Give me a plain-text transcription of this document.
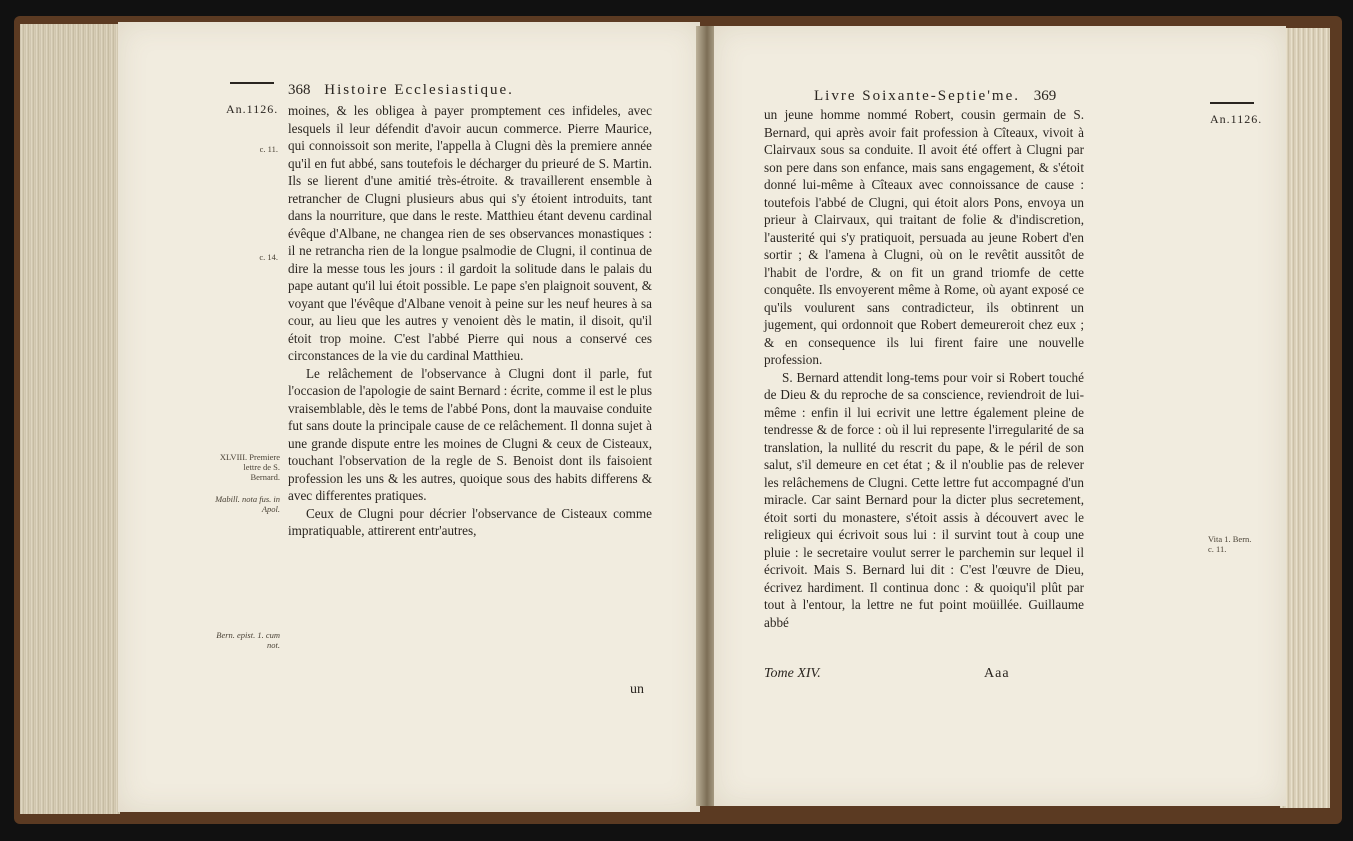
368 Histoire Ecclesiastique.
An.1126.
c. 11.
c. 14.
XLVIII. Premiere lettre de S. Bernard.
Mabill. nota fus. in Apol.
Bern. epist. 1. cum not.

moines, & les obligea à payer promptement ces infideles, avec lesquels il leur défendit d'avoir aucun commerce. Pierre Maurice, qui connoissoit son merite, l'appella à Clugni dès la premiere année qu'il en fut abbé, sans toutefois le décharger du prieuré de S. Martin. Ils se lierent d'une amitié très-étroite. & travaillerent ensemble à retrancher de Clugni plusieurs abus qui s'y étoient introduits, tant dans la nourriture, que dans le reste. Matthieu étant devenu cardinal évêque d'Albane, ne changea rien de ses observances monastiques : il ne retrancha rien de la longue psalmodie de Clugni, il continua de dire la messe tous les jours : il gardoit la solitude dans le palais du pape autant qu'il lui étoit possible. Le pape s'en plaignoit souvent, & voyant que l'évêque d'Albane venoit à peine sur les neuf heures à sa cour, au lieu que les autres y venoient dès le matin, il disoit, qu'il étoit trop moine. C'est l'abbé Pierre qui nous a conservé ces circonstances de la vie du cardinal Matthieu.

Le relâchement de l'observance à Clugni dont il parle, fut l'occasion de l'apologie de saint Bernard : écrite, comme il est le plus vraisemblable, dès le tems de l'abbé Pons, dont la mauvaise conduite fut sans doute la principale cause de ce relâchement. Il donna sujet à une grande dispute entre les moines de Clugni & ceux de Cisteaux, touchant l'observation de la regle de S. Benoist dont ils faisoient profession les uns & les autres, quoique sous des habits differens & avec differentes pratiques.

Ceux de Clugni pour décrier l'observance de Cisteaux comme impratiquable, attirerent entr'autres,

un
Livre Soixante-Septie'me. 369
An.1126.
Vita 1. Bern. c. 11.

un jeune homme nommé Robert, cousin germain de S. Bernard, qui après avoir fait profession à Cîteaux, vivoit à Clairvaux sous sa conduite. Il avoit été offert à Clugni par son pere dans son enfance, mais sans engagement, & s'étoit donné lui-même à Cîteaux avec connoissance de cause : toutefois l'abbé de Clugni, qui étoit alors Pons, envoya un prieur à Clairvaux, qui traitant de folie & d'indiscretion, l'austerité qui s'y pratiquoit, persuada au jeune Robert d'en sortir ; & l'amena à Clugni, où on le revêtit aussitôt de l'habit de l'ordre, & on fit un grand triomfe de cette conquête. Ils envoyerent même à Rome, où ayant exposé ce qu'ils voulurent sans contradicteur, ils obtinrent un jugement, qui ordonnoit que Robert demeureroit chez eux ; & en consequence ils lui firent faire une nouvelle profession.

S. Bernard attendit long-tems pour voir si Robert touché de Dieu & du reproche de sa conscience, reviendroit de lui-même : enfin il lui ecrivit une lettre également pleine de tendresse & de force : où il lui represente l'irregularité de sa translation, la nullité du rescrit du pape, & le péril de son salut, s'il demeure en cet état ; & il n'oublie pas de relever les relâchemens de Clugni. Cette lettre fut accompagné d'un miracle. Car saint Bernard pour la dicter plus secretement, étoit sorti du monastere, s'étoit assis à découvert avec le religieux qui écrivoit sous lui : il survint tout à coup une pluie : le secretaire voulut serrer le parchemin sur lequel il écrivoit. Mais S. Bernard lui dit : C'est l'œuvre de Dieu, écrivez hardiment. Il continua donc : & quoiqu'il plût par tout à l'entour, la lettre ne fut point moüillée. Guillaume abbé

Tome XIV.	Aaa
